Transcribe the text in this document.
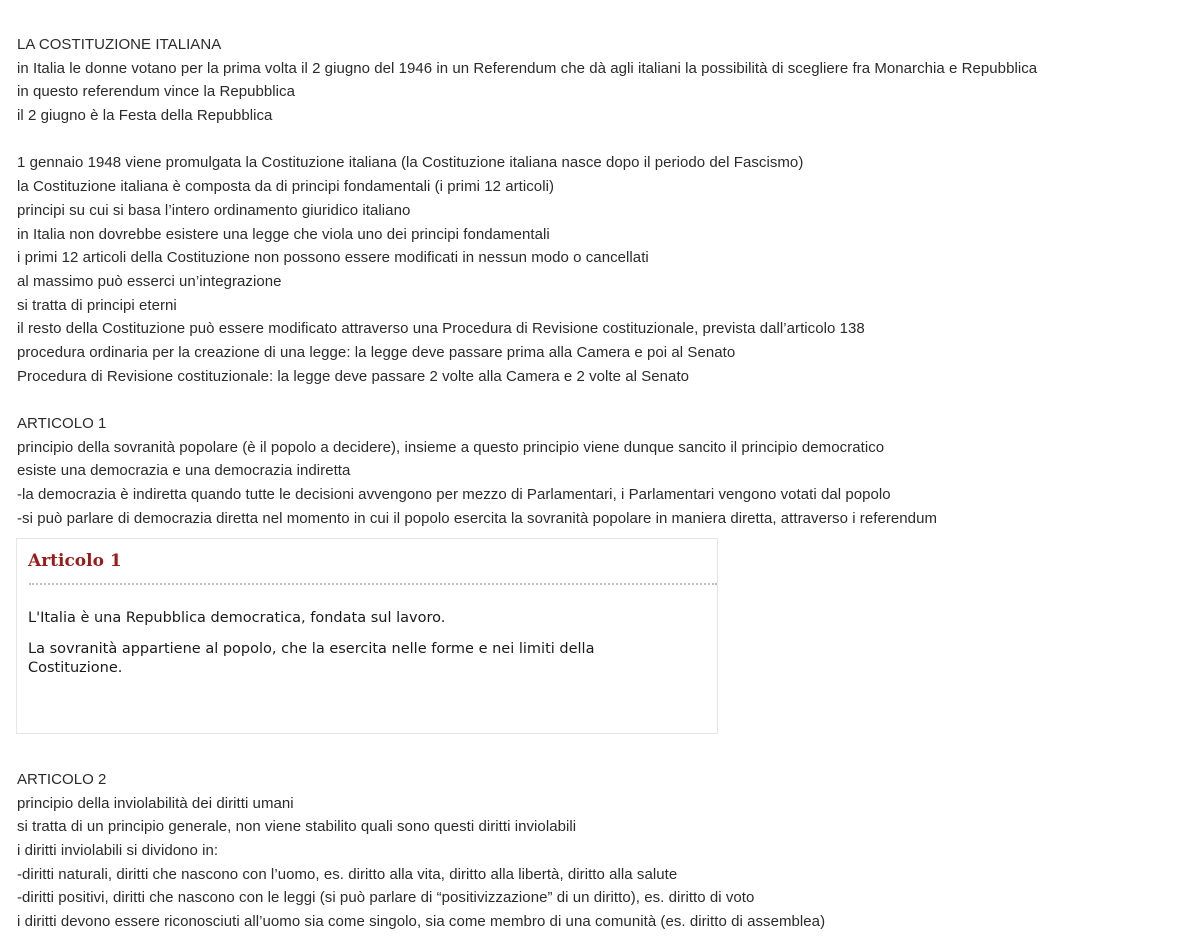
LA COSTITUZIONE ITALIANA
in Italia le donne votano per la prima volta il 2 giugno del 1946 in un Referendum che dà agli italiani la possibilità di scegliere fra Monarchia e Repubblica
in questo referendum vince la Repubblica
il 2 giugno è la Festa della Repubblica
1 gennaio 1948 viene promulgata la Costituzione italiana (la Costituzione italiana nasce dopo il periodo del Fascismo)
la Costituzione italiana è composta da di principi fondamentali (i primi 12 articoli)
principi su cui si basa l’intero ordinamento giuridico italiano
in Italia non dovrebbe esistere una legge che viola uno dei principi fondamentali
i primi 12 articoli della Costituzione non possono essere modificati in nessun modo o cancellati
al massimo può esserci un’integrazione
si tratta di principi eterni
il resto della Costituzione può essere modificato attraverso una Procedura di Revisione costituzionale, prevista dall’articolo 138
procedura ordinaria per la creazione di una legge: la legge deve passare prima alla Camera e poi al Senato
Procedura di Revisione costituzionale: la legge deve passare 2 volte alla Camera e 2 volte al Senato
ARTICOLO 1
principio della sovranità popolare (è il popolo a decidere), insieme a questo principio viene dunque sancito il principio democratico
esiste una democrazia e una democrazia indiretta
-la democrazia è indiretta quando tutte le decisioni avvengono per mezzo di Parlamentari, i Parlamentari vengono votati dal popolo
-si può parlare di democrazia diretta nel momento in cui il popolo esercita la sovranità popolare in maniera diretta, attraverso i referendum
Articolo 1

L'Italia è una Repubblica democratica, fondata sul lavoro.

La sovranità appartiene al popolo, che la esercita nelle forme e nei limiti della Costituzione.

ARTICOLO 2
principio della inviolabilità dei diritti umani
si tratta di un principio generale, non viene stabilito quali sono questi diritti inviolabili
i diritti inviolabili si dividono in:
-diritti naturali, diritti che nascono con l’uomo, es. diritto alla vita, diritto alla libertà, diritto alla salute
-diritti positivi, diritti che nascono con le leggi (si può parlare di “positivizzazione” di un diritto), es. diritto di voto
i diritti devono essere riconosciuti all’uomo sia come singolo, sia come membro di una comunità (es. diritto di assemblea)
